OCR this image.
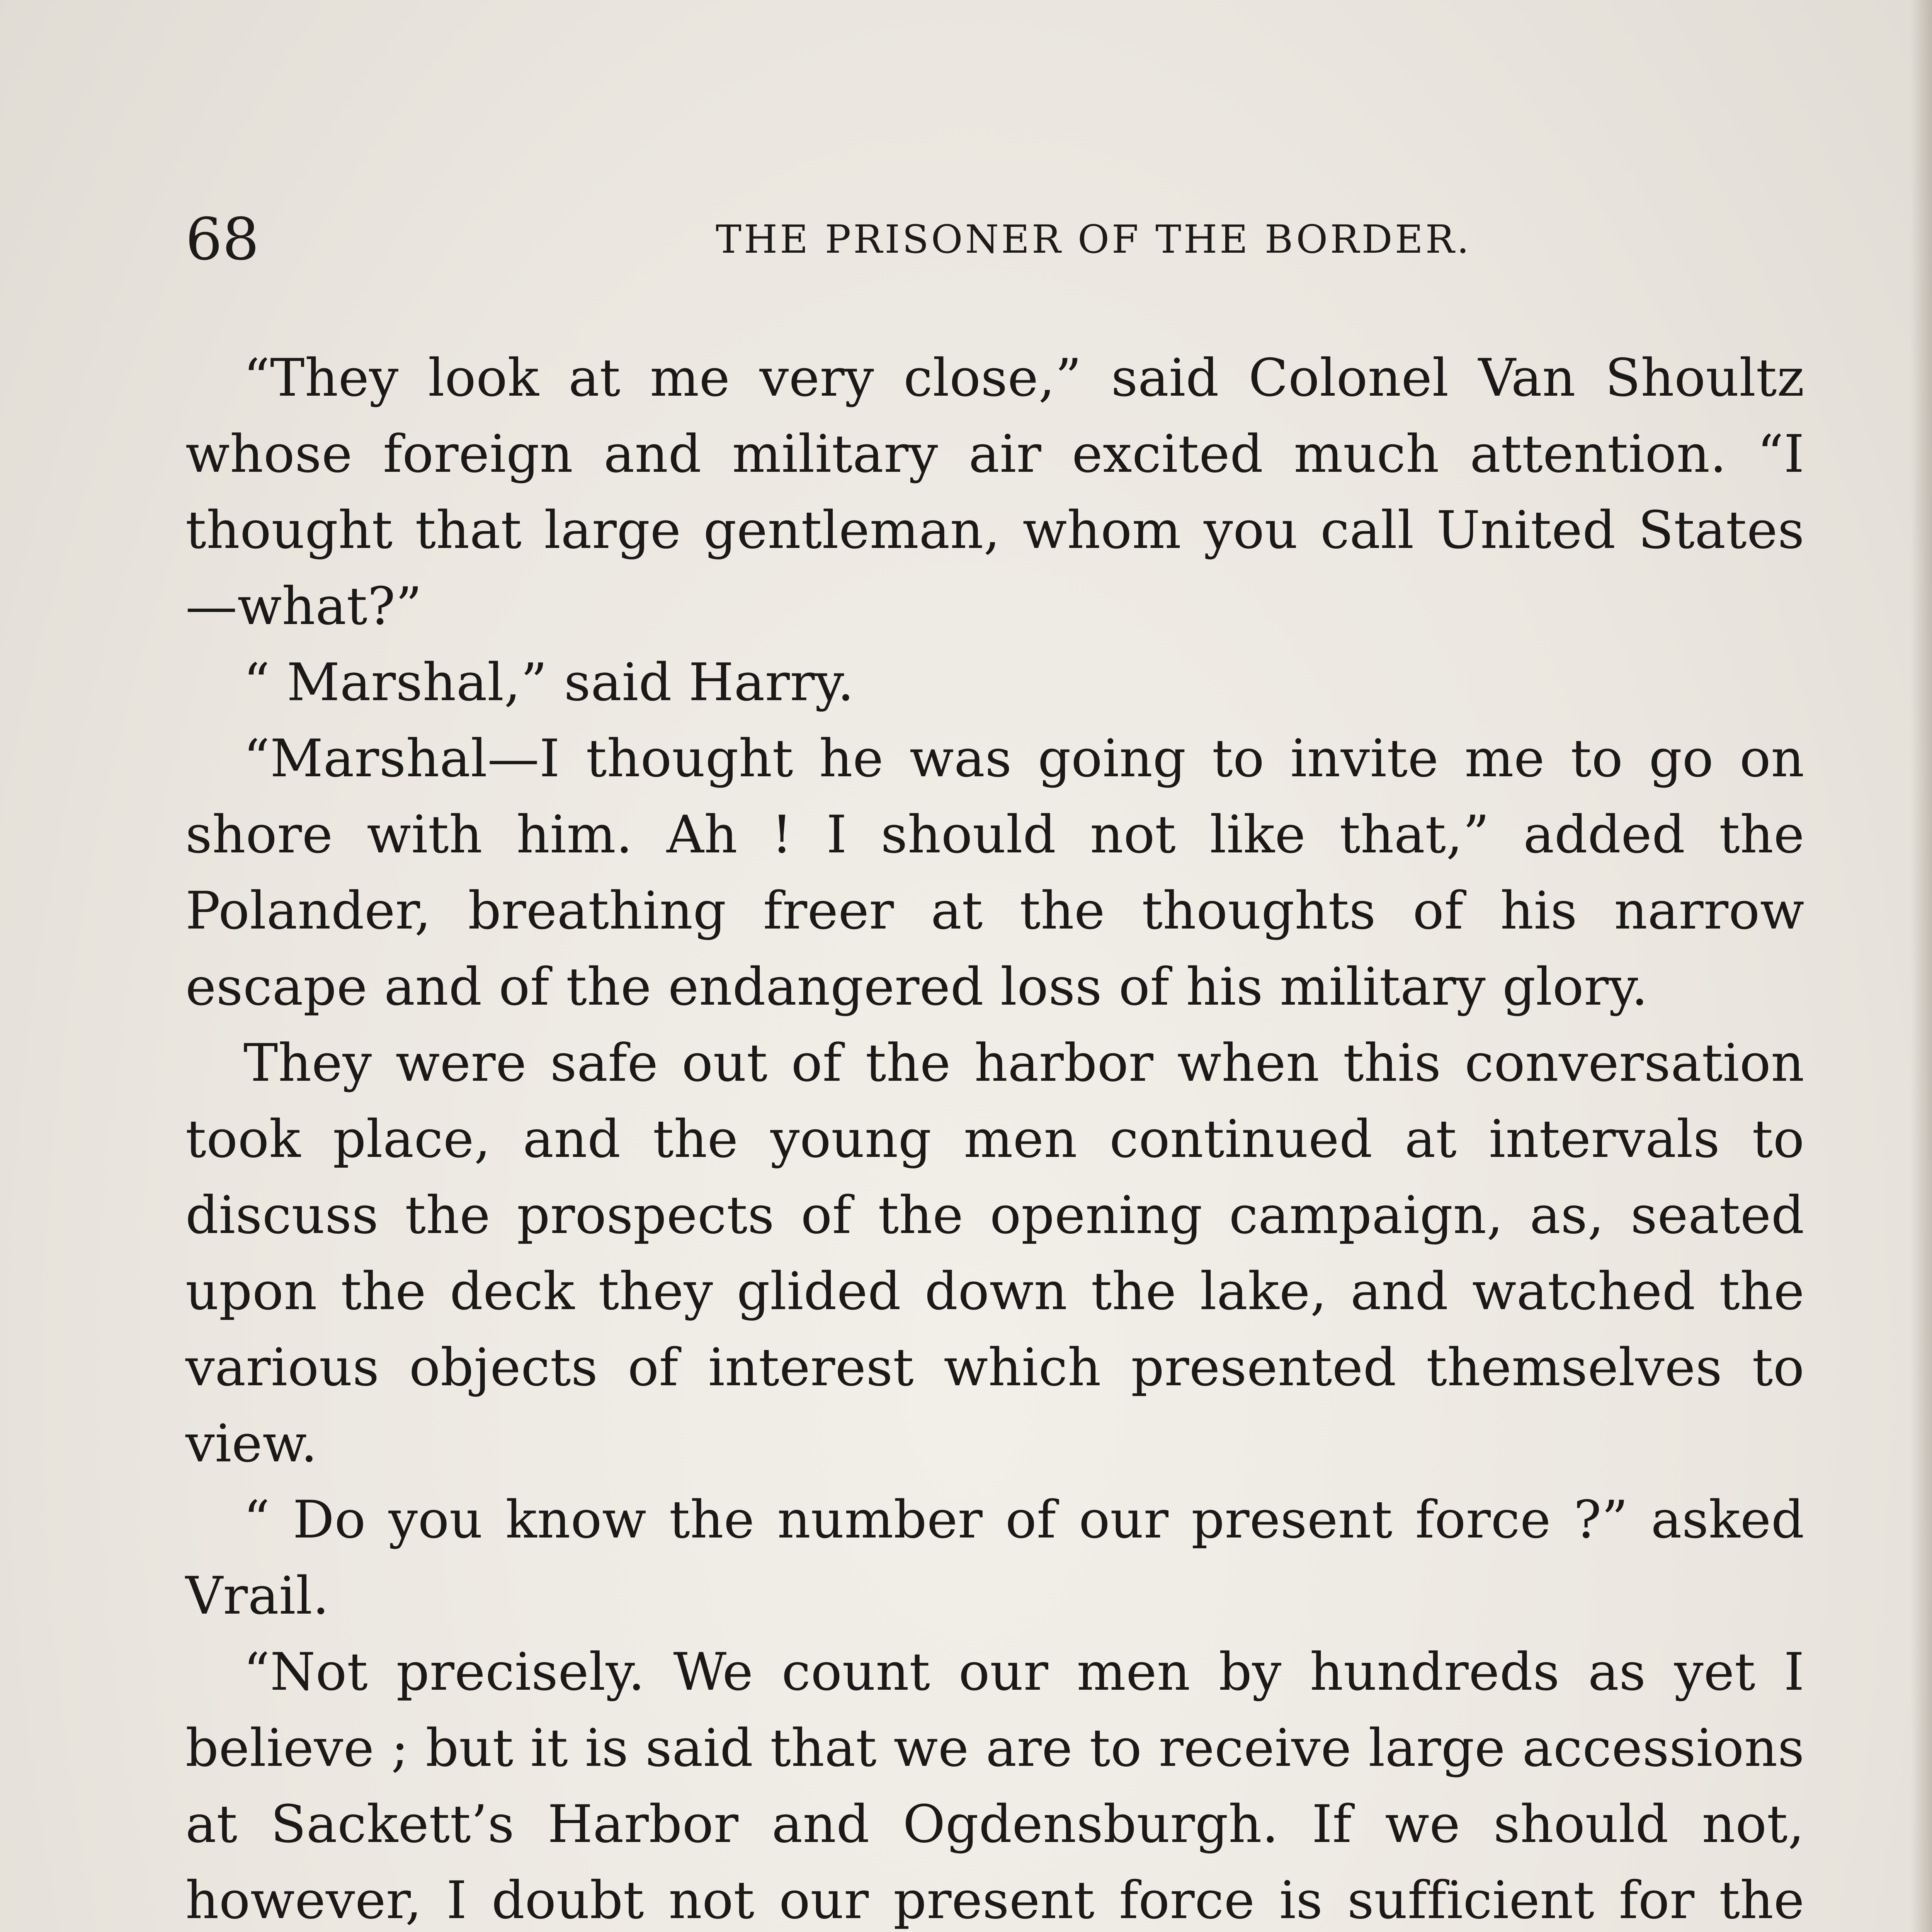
68	THE PRISONER OF THE BORDER.

“They look at me very close,” said Colonel Van Shoultz whose foreign and military air excited much attention. “I thought that large gentleman, whom you call United States—what?”

“ Marshal,” said Harry.

“Marshal—I thought he was going to invite me to go on shore with him. Ah ! I should not like that,” added the Polander, breathing freer at the thoughts of his narrow escape and of the endangered loss of his military glory.

They were safe out of the harbor when this conversation took place, and the young men continued at intervals to discuss the prospects of the opening campaign, as, seated upon the deck they glided down the lake, and watched the various objects of interest which presented themselves to view.

“ Do you know the number of our present force ?” asked Vrail.

“Not precisely. We count our men by hundreds as yet I believe ; but it is said that we are to receive large accessions at Sackett’s Harbor and Ogdensburgh. If we should not, however, I doubt not our present force is sufficient for the
